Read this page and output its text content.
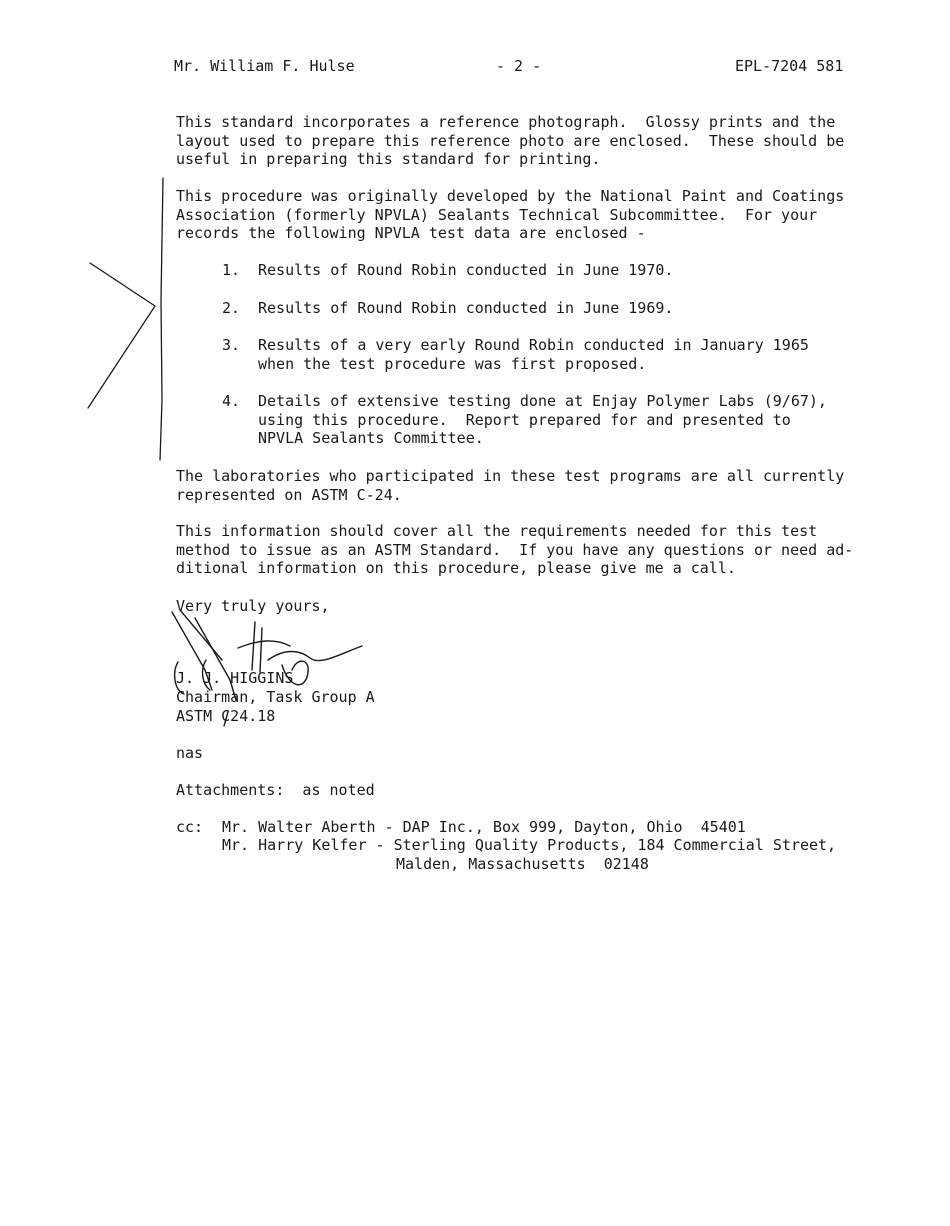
Mr. William F. Hulse	- 2 -	EPL-7204 581
This standard incorporates a reference photograph.  Glossy prints and the
layout used to prepare this reference photo are enclosed.  These should be
useful in preparing this standard for printing.
This procedure was originally developed by the National Paint and Coatings
Association (formerly NPVLA) Sealants Technical Subcommittee.  For your
records the following NPVLA test data are enclosed -
1. Results of Round Robin conducted in June 1970.
2. Results of Round Robin conducted in June 1969.
3. Results of a very early Round Robin conducted in January 1965
when the test procedure was first proposed.
4. Details of extensive testing done at Enjay Polymer Labs (9/67),
using this procedure.  Report prepared for and presented to
NPVLA Sealants Committee.
The laboratories who participated in these test programs are all currently
represented on ASTM C-24.
This information should cover all the requirements needed for this test
method to issue as an ASTM Standard.  If you have any questions or need ad-
ditional information on this procedure, please give me a call.
Very truly yours,
J. J. HIGGINS
Chairman, Task Group A
ASTM C24.18
nas
Attachments:  as noted
cc: Mr. Walter Aberth - DAP Inc., Box 999, Dayton, Ohio  45401
Mr. Harry Kelfer - Sterling Quality Products, 184 Commercial Street,
Malden, Massachusetts  02148
